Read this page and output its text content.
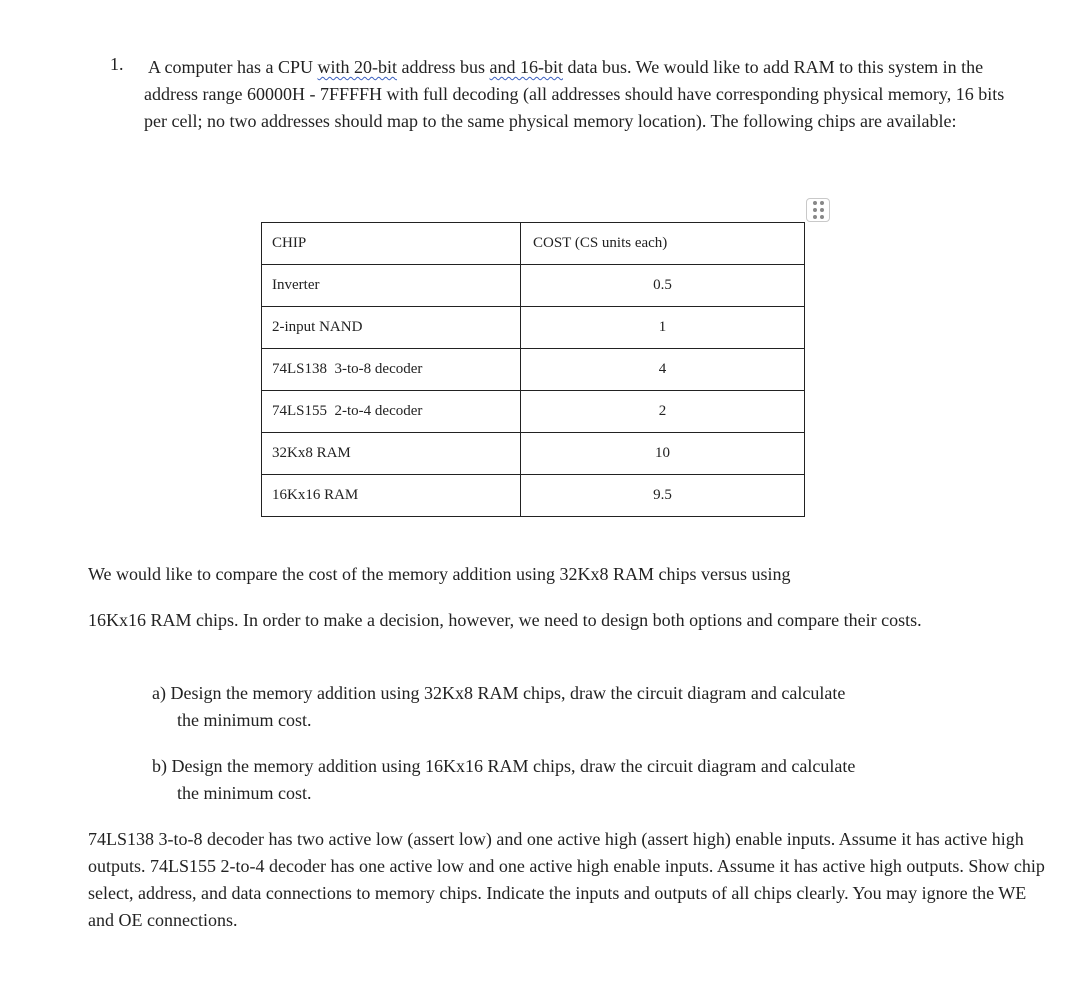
1. A computer has a CPU with 20-bit address bus and 16-bit data bus. We would like to add RAM to this system in the address range 60000H - 7FFFFH with full decoding (all addresses should have corresponding physical memory, 16 bits per cell; no two addresses should map to the same physical memory location). The following chips are available:

CHIP	COST (CS units each)
Inverter	0.5
2-input NAND	1
74LS138  3-to-8 decoder	4
74LS155  2-to-4 decoder	2
32Kx8 RAM	10
16Kx16 RAM	9.5

We would like to compare the cost of the memory addition using 32Kx8 RAM chips versus using

16Kx16 RAM chips. In order to make a decision, however, we need to design both options and compare their costs.

a) Design the memory addition using 32Kx8 RAM chips, draw the circuit diagram and calculate
the minimum cost.

b) Design the memory addition using 16Kx16 RAM chips, draw the circuit diagram and calculate
the minimum cost.

74LS138 3-to-8 decoder has two active low (assert low) and one active high (assert high) enable inputs. Assume it has active high outputs. 74LS155 2-to-4 decoder has one active low and one active high enable inputs. Assume it has active high outputs. Show chip select, address, and data connections to memory chips. Indicate the inputs and outputs of all chips clearly. You may ignore the WE and OE connections.
